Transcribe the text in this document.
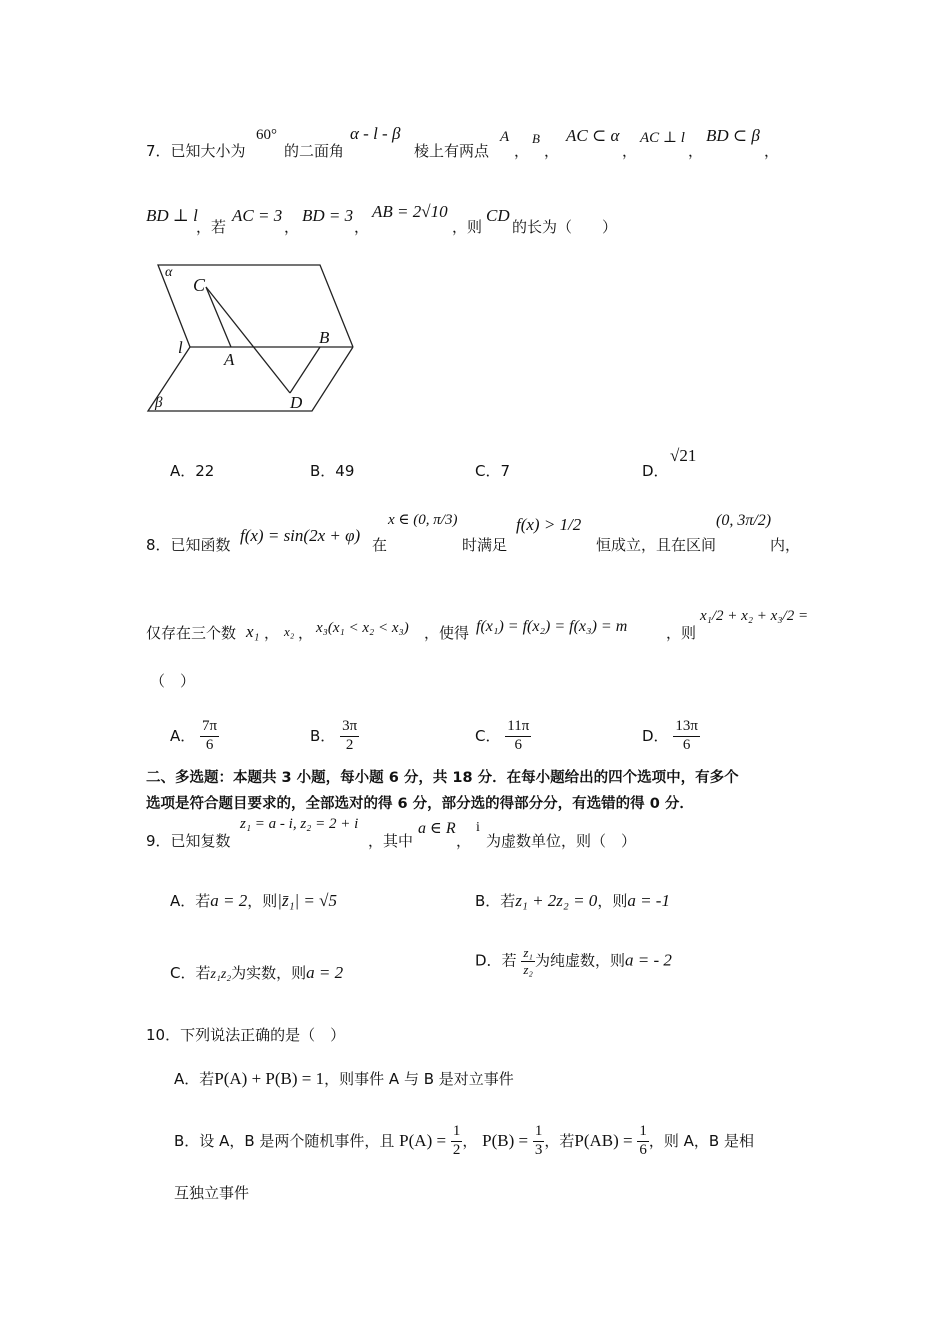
7．已知大小为
60°
的二面角
α - l - β
棱上有两点
A
，
B
，
AC ⊂ α
，
AC ⊥ l
，
BD ⊂ β
，
BD ⊥ l
，若
AC = 3
，
BD = 3
，
AB = 2√10
，则
CD
的长为（　　）
α
C
l
A
B
D
β
A．22	B．49	C．7	D．
√21
8．已知函数 f(x) = sin(2x + φ) 在
x ∈ (0, π/3)
时满足
f(x) > 1/2
恒成立，且在区间
(0, 3π/2)
内，
仅存在三个数 x₁ ， x₂ ， x₃(x₁ < x₂ < x₃) ，使得 f(x₁) = f(x₂) = f(x₃) = m	，则
x₁/2 + x₂ + x₃/2 =
（　）
A． $\frac{7\pi}{6}$	B． $\frac{3\pi}{2}$	C． $\frac{11\pi}{6}$	D． $\frac{13\pi}{6}$
二、多选题：本题共 3 小题，每小题 6 分，共 18 分．在每小题给出的四个选项中，有多个
选项是符合题目要求的，全部选对的得 6 分，部分选的得部分分，有选错的得 0 分．
9．已知复数
z₁ = a - i, z₂ = 2 + i
，其中
a ∈ R
，
i
为虚数单位，则（　）
A．若a = 2，则|z̄₁| = √5	B．若z₁ + 2z₂ = 0，则a = -1
C．若z₁z₂为实数，则a = 2
D．若 $\frac{\text{z₁}}{\text{z₂}}$ 为纯虚数，则a = - 2
10．下列说法正确的是（　）
A．若P(A) + P(B) = 1，则事件 A 与 B 是对立事件
B．设 A，B 是两个随机事件，且 $P(A) = \frac{1}{2}$ ， $P(B) = \frac{1}{3}$ ，若$P(AB) = \frac{1}{6}$ ，则 A，B 是相
互独立事件
